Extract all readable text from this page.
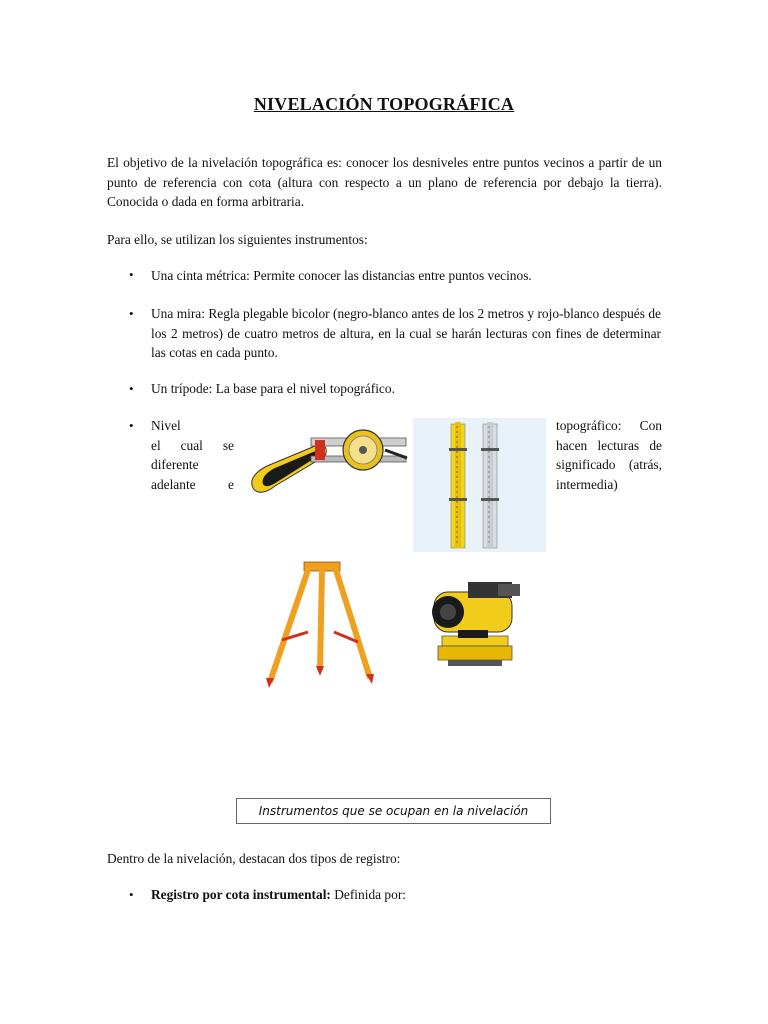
NIVELACIÓN TOPOGRÁFICA
El objetivo de la nivelación topográfica es: conocer los desniveles entre puntos vecinos a partir de un punto de referencia con cota (altura con respecto a un plano de referencia por debajo la tierra). Conocida o dada en forma arbitraria.
Para ello, se utilizan los siguientes instrumentos:
• Una cinta métrica: Permite conocer las distancias entre puntos vecinos.
• Una mira: Regla plegable bicolor (negro-blanco antes de los 2 metros y rojo-blanco después de los 2 metros) de cuatro metros de altura, en la cual se harán lecturas con fines de determinar las cotas en cada punto.
• Un trípode: La base para el nivel topográfico.
• Nivel
el cual se
diferente
adelante e
topográfico: Con
hacen lecturas de
significado (atrás,
intermedia)
Instrumentos que se ocupan en la nivelación
Dentro de la nivelación, destacan dos tipos de registro:
• Registro por cota instrumental: Definida por:
